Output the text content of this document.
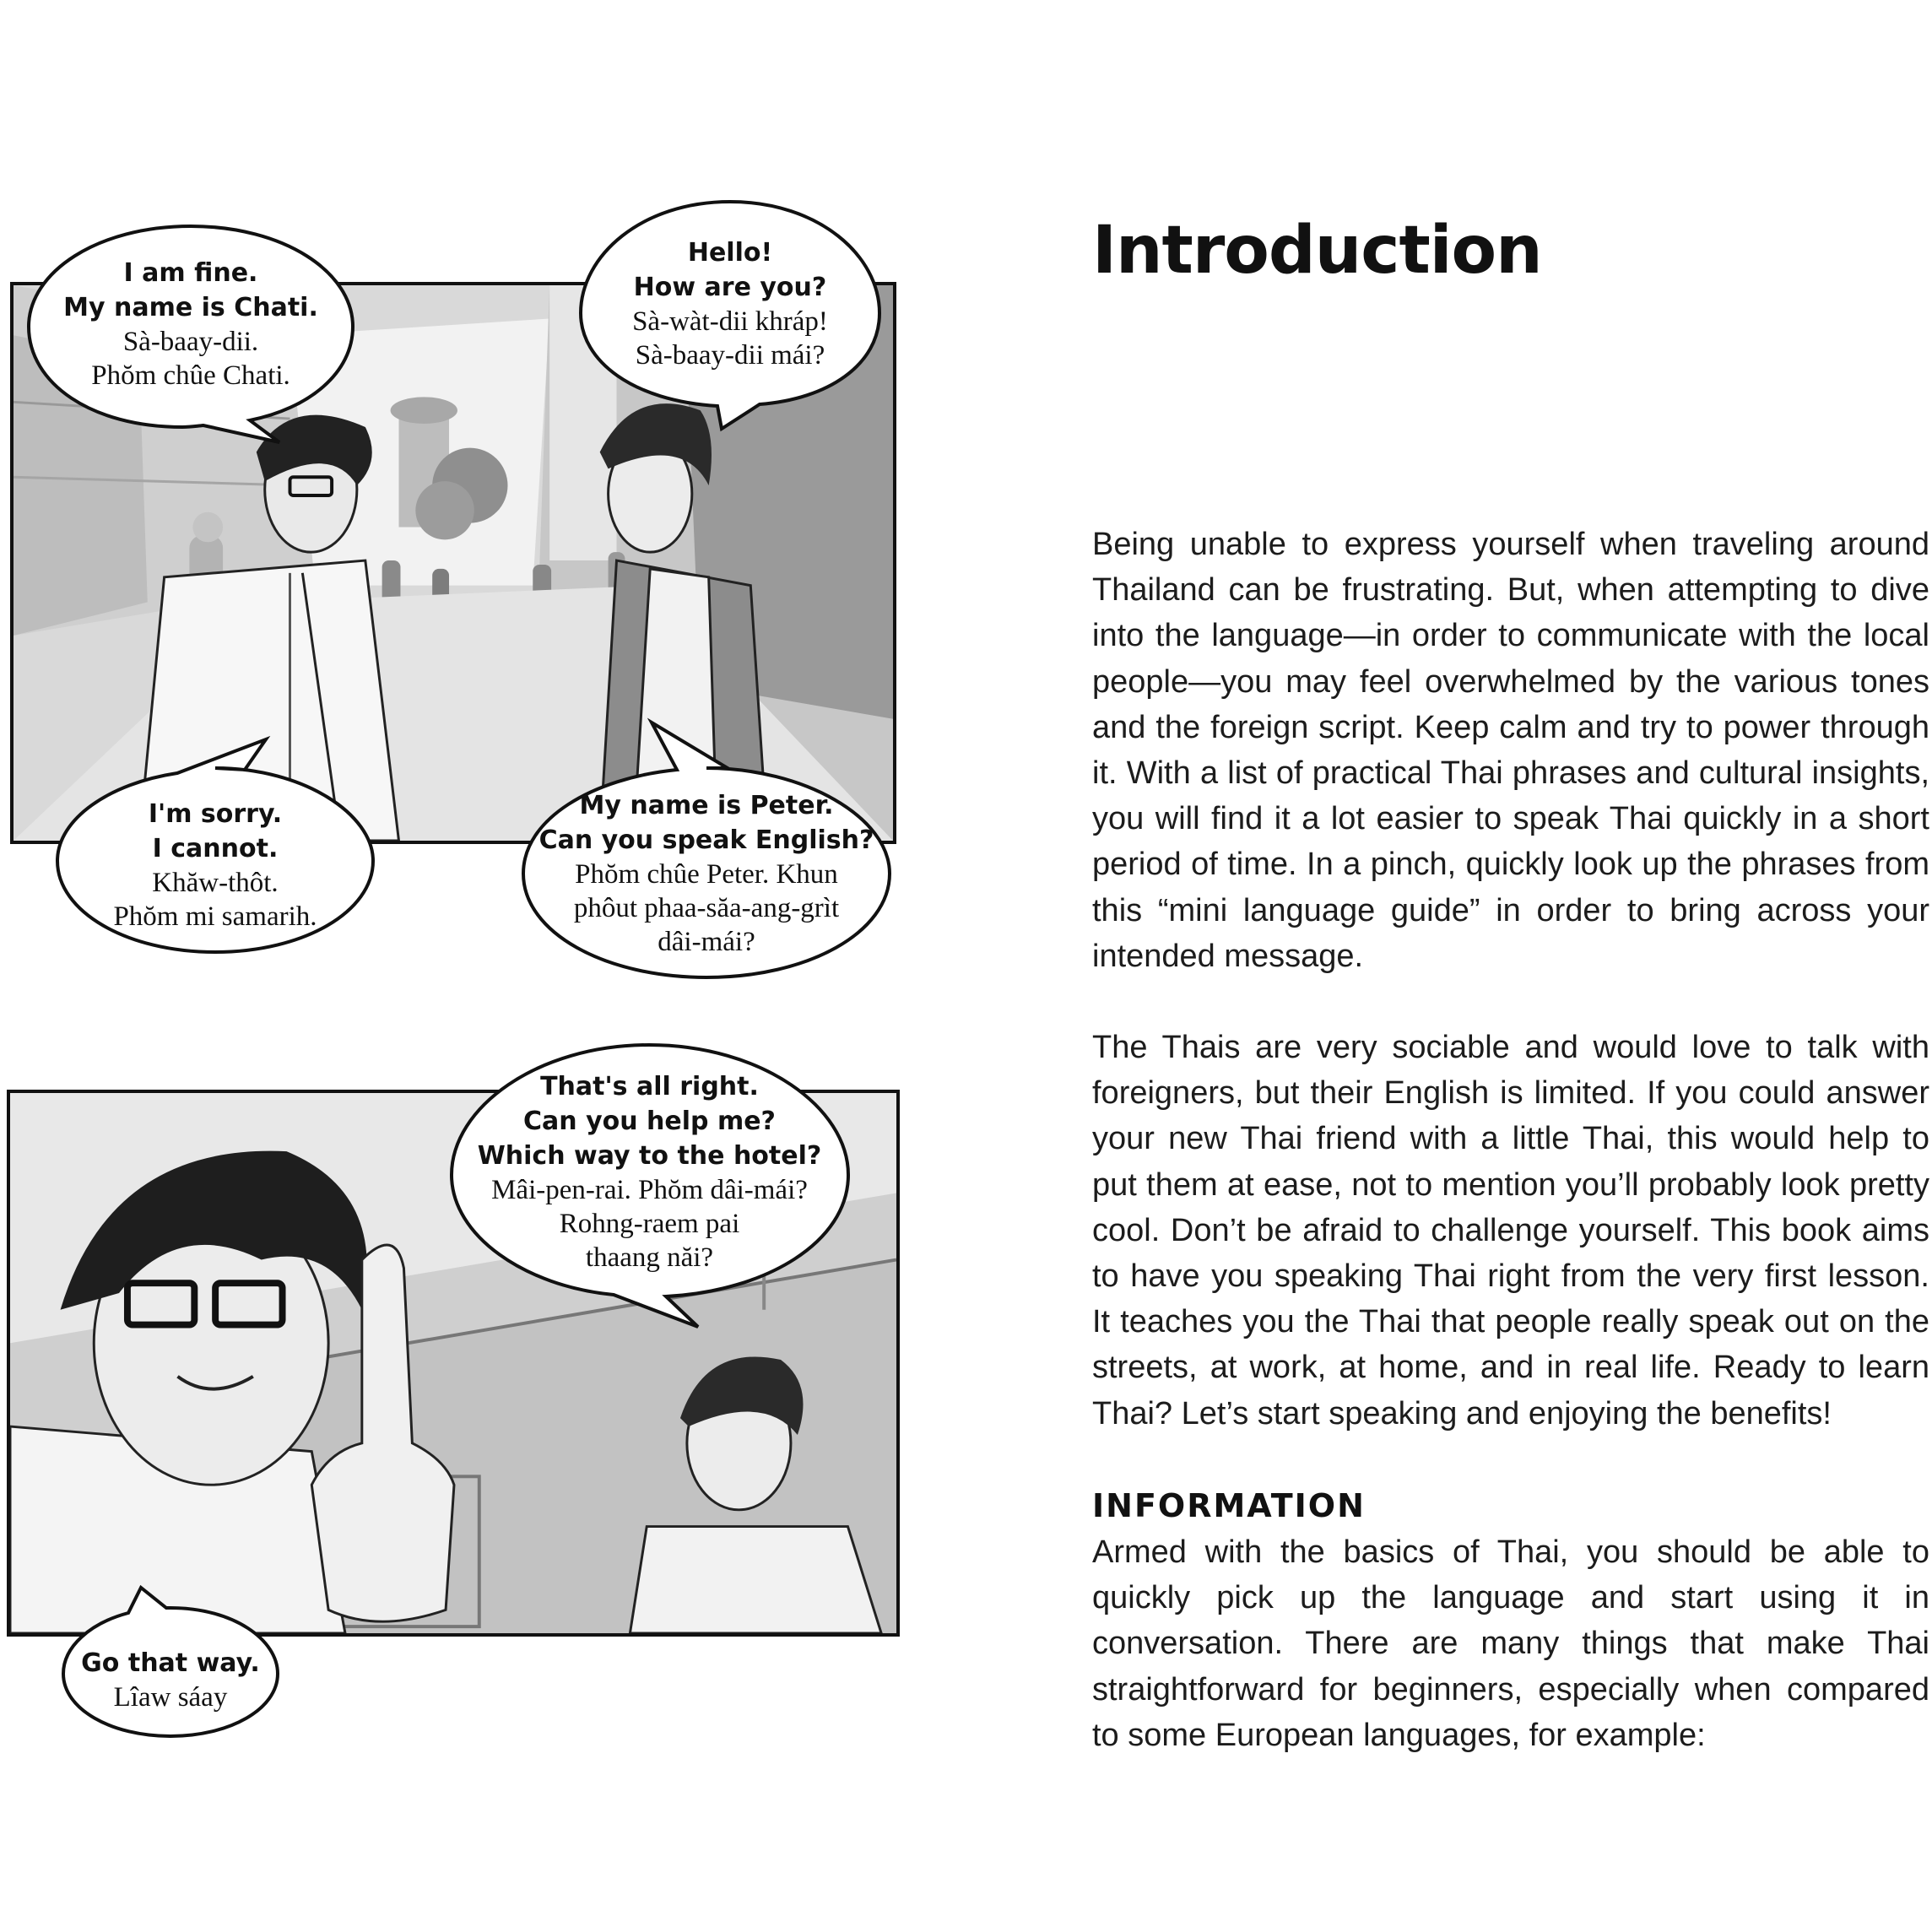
I am fine.
My name is Chati.
Sà-baay-dii.
Phŏm chûe Chati.
Hello!
How are you?
Sà-wàt-dii khráp!
Sà-baay-dii mái?
I'm sorry.
I cannot.
Khăw-thôt.
Phŏm mi samarih.
My name is Peter.
Can you speak English?
Phŏm chûe Peter. Khun
phôut phaa-săa-ang-grìt
dâi-mái?
That's all right.
Can you help me?
Which way to the hotel?
Mâi-pen-rai. Phŏm dâi-mái?
Rohng-raem pai
thaang năi?
Go that way.
Lîaw sáay
Introduction

Being unable to express yourself when traveling around Thailand can be frustrating. But, when attempting to dive into the language—in order to communicate with the local people—you may feel overwhelmed by the various tones and the foreign script. Keep calm and try to power through it. With a list of practical Thai phrases and cultural insights, you will find it a lot easier to speak Thai quickly in a short period of time. In a pinch, quickly look up the phrases from this “mini language guide” in order to bring across your intended message.

The Thais are very sociable and would love to talk with foreigners, but their English is limited. If you could answer your new Thai friend with a little Thai, this would help to put them at ease, not to mention you’ll probably look pretty cool. Don’t be afraid to challenge yourself. This book aims to have you speaking Thai right from the very first lesson. It teaches you the Thai that people really speak out on the streets, at work, at home, and in real life. Ready to learn Thai? Let’s start speaking and enjoying the benefits!

INFORMATION

Armed with the basics of Thai, you should be able to quickly pick up the language and start using it in conversation. There are many things that make Thai straightforward for beginners, especially when compared to some European languages, for example:
